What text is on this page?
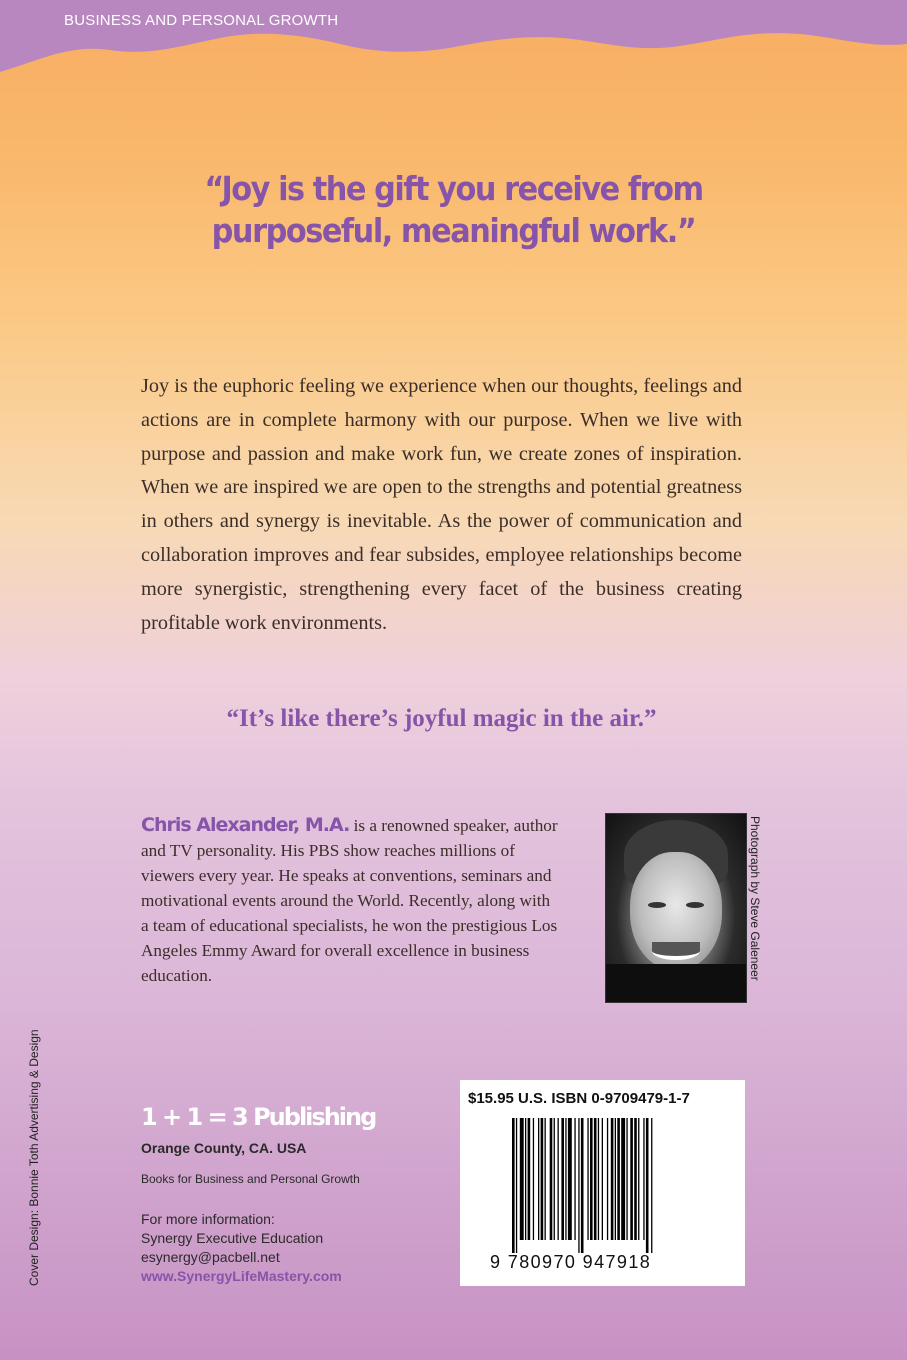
BUSINESS AND PERSONAL GROWTH
“Joy is the gift you receive from
purposeful, meaningful work.”
Joy is the euphoric feeling we experience when our thoughts, feelings and actions are in complete harmony with our purpose. When we live with purpose and passion and make work fun, we create zones of inspiration. When we are inspired we are open to the strengths and potential greatness in others and synergy is inevitable. As the power of communication and collaboration improves and fear subsides, employee relationships become more synergistic, strengthening every facet of the business creating profitable work environments.
“It’s like there’s joyful magic in the air.”
Chris Alexander, M.A. is a renowned speaker, author and TV personality. His PBS show reaches millions of viewers every year. He speaks at conventions, seminars and motivational events around the World. Recently, along with a team of educational specialists, he won the prestigious Los Angeles Emmy Award for overall excellence in business education.	Photograph by Steve Galeneer
Cover Design: Bonnie Toth Advertising & Design	1 + 1 = 3 Publishing
Orange County, CA. USA
Books for Business and Personal Growth
For more information:
Synergy Executive Education
esynergy@pacbell.net
www.SynergyLifeMastery.com
$15.95 U.S. ISBN 0-9709479-1-7
9 780970 947918
